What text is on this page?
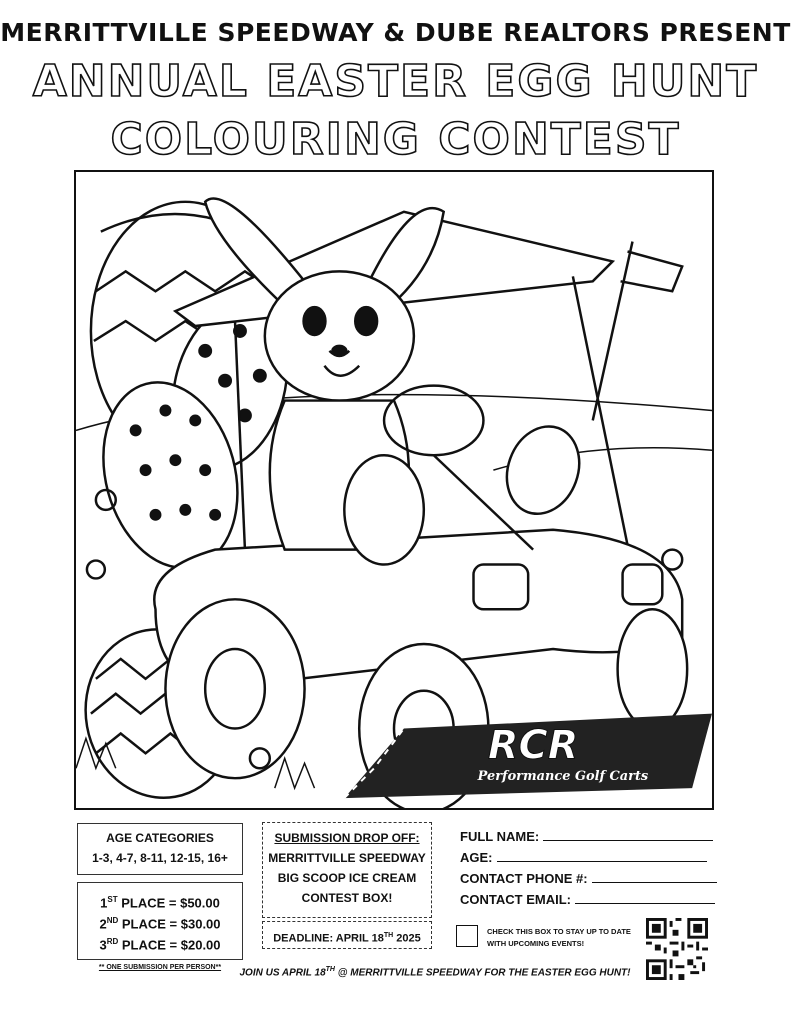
MERRITTVILLE SPEEDWAY & DUBE REALTORS PRESENT
ANNUAL EASTER EGG HUNT
COLOURING CONTEST
RCR
Performance Golf Carts
AGE CATEGORIES
1-3, 4-7, 8-11, 12-15, 16+
1ST PLACE = $50.00
2ND PLACE = $30.00
3RD PLACE = $20.00
** ONE SUBMISSION PER PERSON**
SUBMISSION DROP OFF:
MERRITTVILLE SPEEDWAY
BIG SCOOP ICE CREAM
CONTEST BOX!
DEADLINE: APRIL 18TH 2025
FULL NAME:
AGE:
CONTACT PHONE #:
CONTACT EMAIL:
CHECK THIS BOX TO STAY UP TO DATE
WITH UPCOMING EVENTS!
JOIN US APRIL 18TH @ MERRITTVILLE SPEEDWAY FOR THE EASTER EGG HUNT!
